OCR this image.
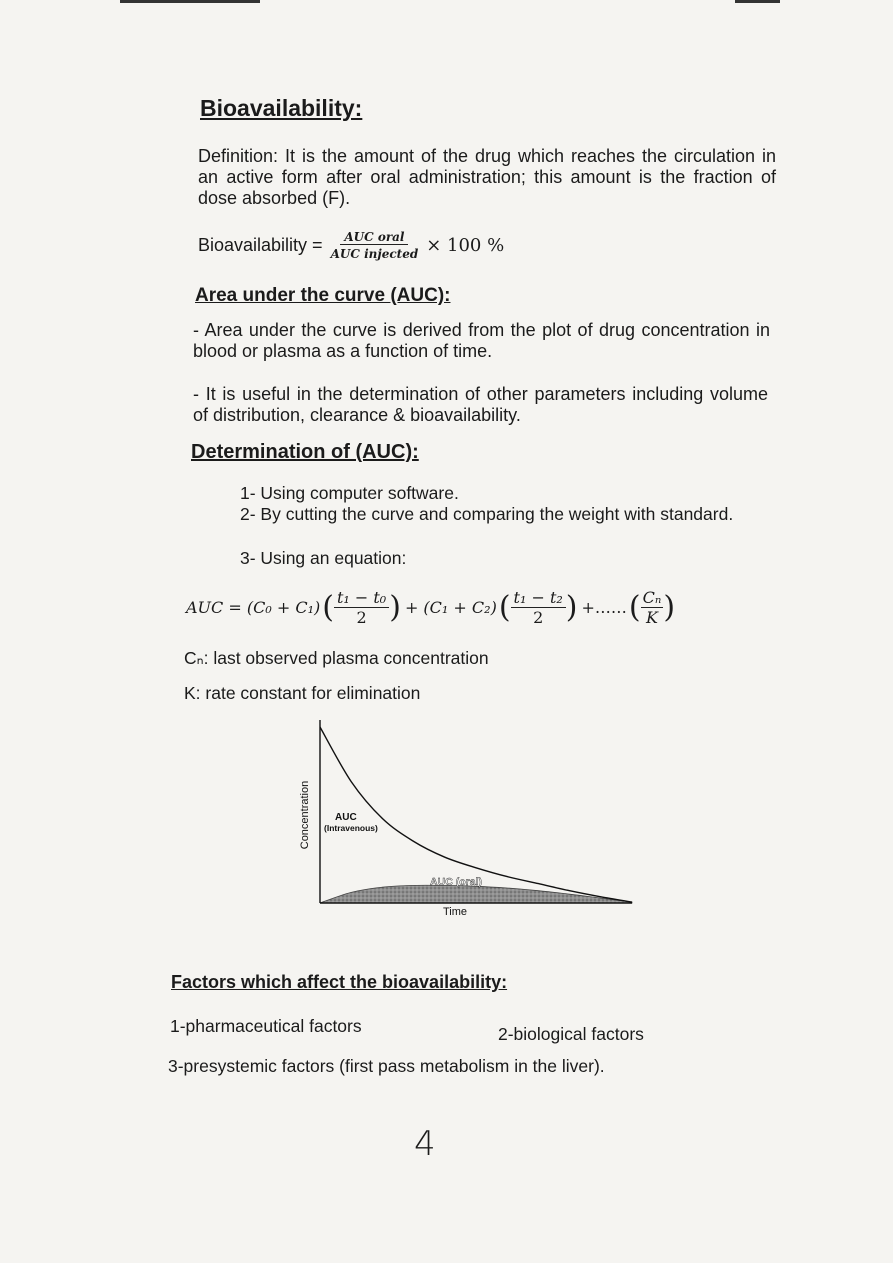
Bioavailability:
Definition: It is the amount of the drug which reaches the circulation in an active form after oral administration; this amount is the fraction of dose absorbed (F).
Bioavailability = $\frac{\text{AUC oral}}{\text{AUC injected}} \times 100$ %
Area under the curve (AUC):
- Area under the curve is derived from the plot of drug concentration in blood or plasma as a function of time.
- It is useful in the determination of other parameters including volume of distribution, clearance & bioavailability.
Determination of (AUC):
1- Using computer software.
2- By cutting the curve and comparing the weight with standard.
3- Using an equation:
AUC = (C₀ + C₁) ( $\frac{\text{t₁ − t₀}}{2}$ ) + (C₁ + C₂) ( $\frac{\text{t₁ − t₂}}{2}$ ) +…… ( $\frac{\text{Cₙ}}{K}$ )
Cₙ: last observed plasma concentration
K: rate constant for elimination
Concentration
Time
AUC
(Intravenous)
AUC (oral)
Factors which affect the bioavailability:
1-pharmaceutical factors	2-biological factors
3-presystemic factors (first pass metabolism in the liver).
4
